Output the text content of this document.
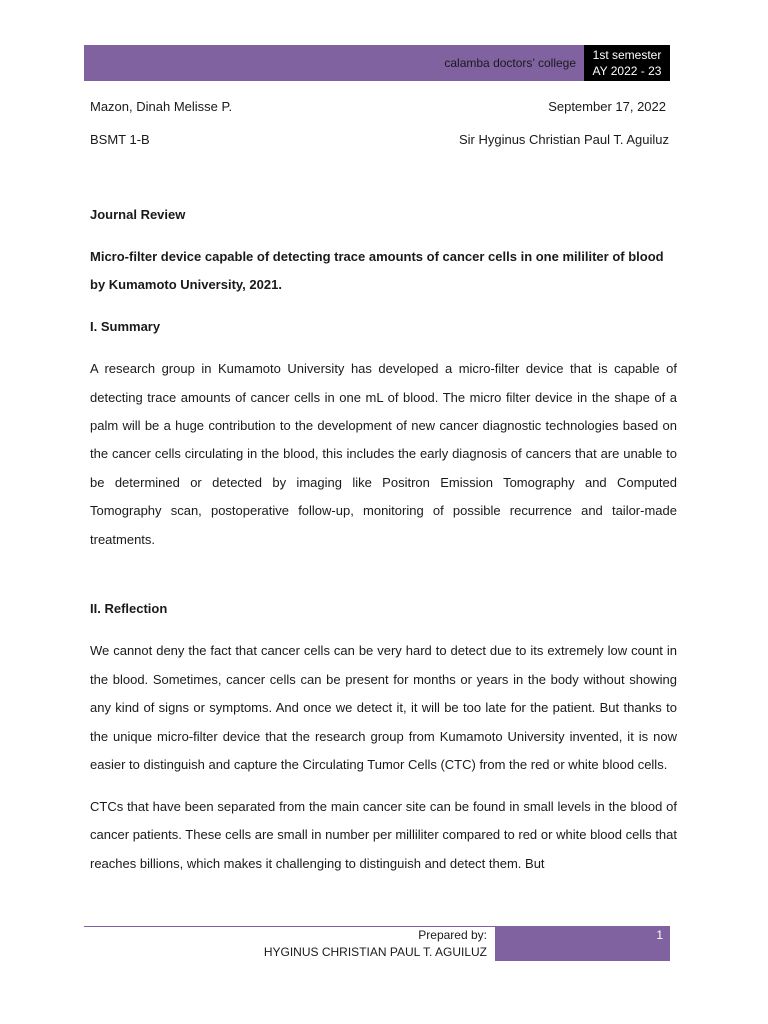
calamba doctors’ college
1st semester
AY 2022 - 23
Mazon, Dinah Melisse P.	September 17, 2022
BSMT 1-B	Sir Hyginus Christian Paul T. Aguiluz

Journal Review

Micro-filter device capable of detecting trace amounts of cancer cells in one mililiter of blood
by Kumamoto University, 2021.

I. Summary

A research group in Kumamoto University has developed a micro-filter device that is capable of detecting trace amounts of cancer cells in one mL of blood. The micro filter device in the shape of a palm will be a huge contribution to the development of new cancer diagnostic technologies based on the cancer cells circulating in the blood, this includes the early diagnosis of cancers that are unable to be determined or detected by imaging like Positron Emission Tomography and Computed Tomography scan, postoperative follow-up, monitoring of possible recurrence and tailor-made treatments.

II. Reflection

We cannot deny the fact that cancer cells can be very hard to detect due to its extremely low count in the blood. Sometimes, cancer cells can be present for months or years in the body without showing any kind of signs or symptoms. And once we detect it, it will be too late for the patient. But thanks to the unique micro-filter device that the research group from Kumamoto University invented, it is now easier to distinguish and capture the Circulating Tumor Cells (CTC) from the red or white blood cells.

CTCs that have been separated from the main cancer site can be found in small levels in the blood of cancer patients. These cells are small in number per milliliter compared to red or white blood cells that reaches billions, which makes it challenging to distinguish and detect them. But

Prepared by:
HYGINUS CHRISTIAN PAUL T. AGUILUZ
1
